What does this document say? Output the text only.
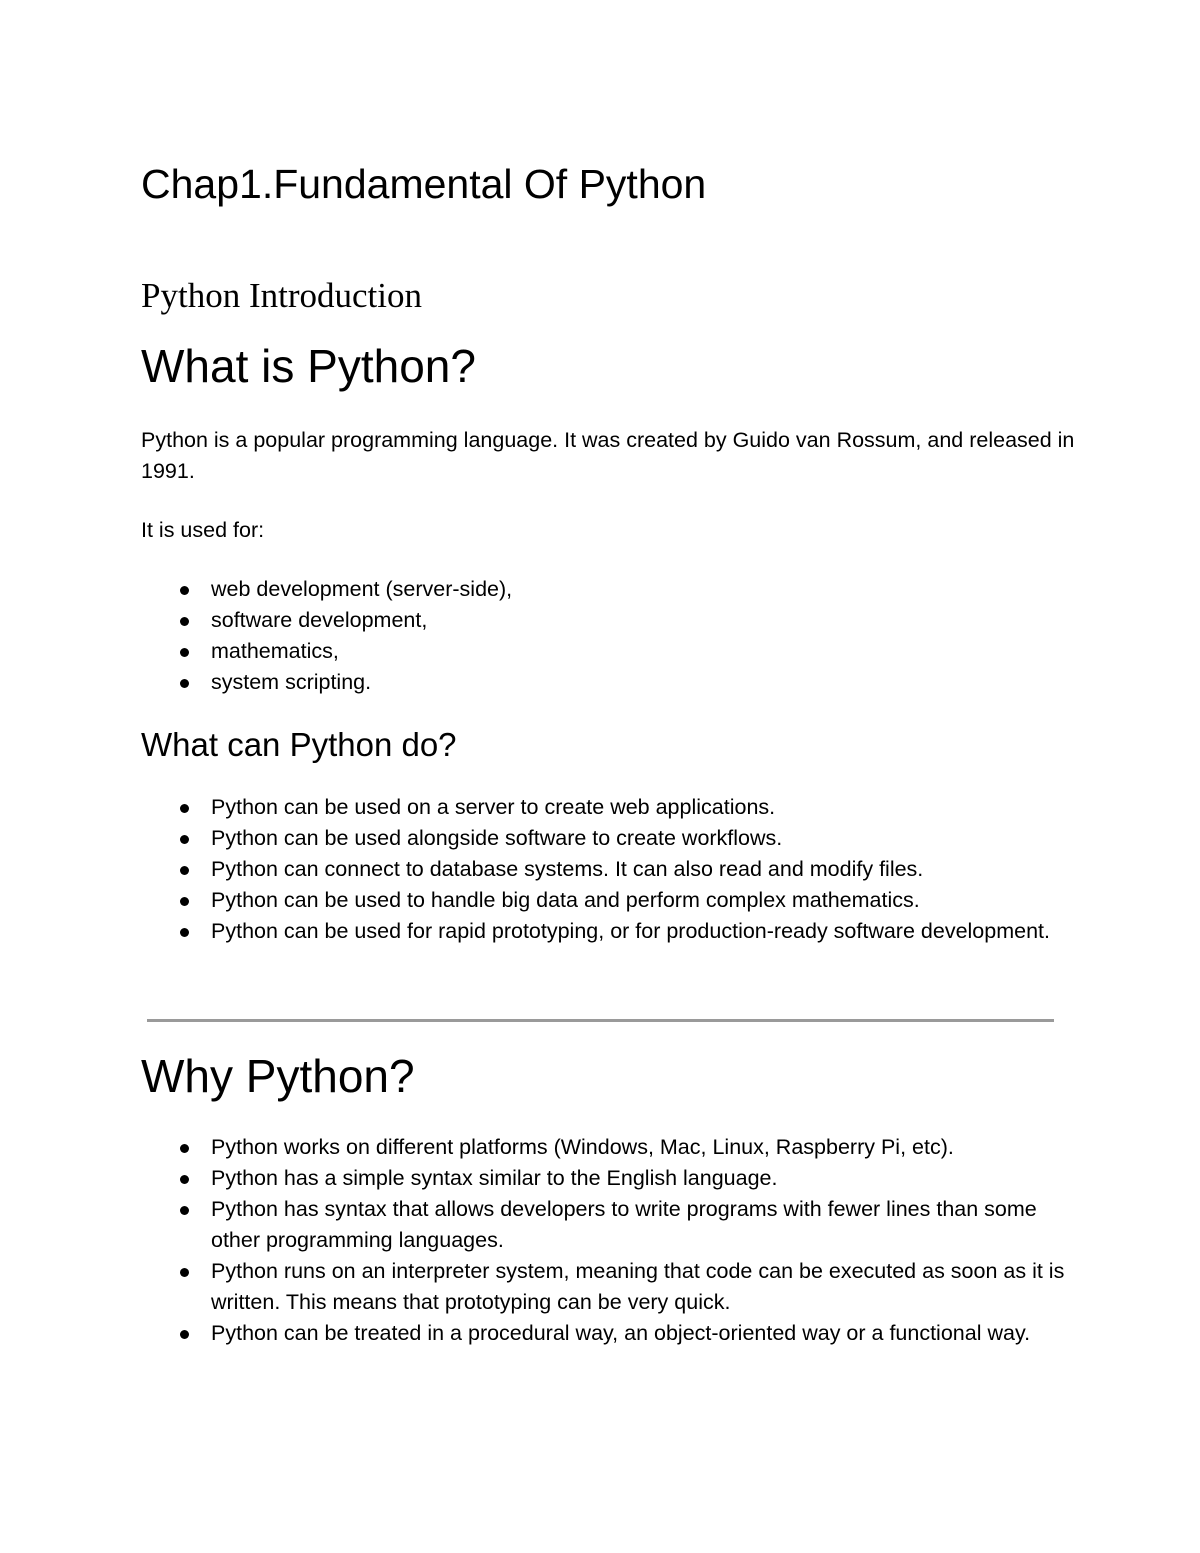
Chap1.Fundamental Of Python
Python Introduction
What is Python?

Python is a popular programming language. It was created by Guido van Rossum, and released in 1991.

It is used for:

web development (server-side),
software development,
mathematics,
system scripting.
What can Python do?
Python can be used on a server to create web applications.
Python can be used alongside software to create workflows.
Python can connect to database systems. It can also read and modify files.
Python can be used to handle big data and perform complex mathematics.
Python can be used for rapid prototyping, or for production-ready software development.
Why Python?
Python works on different platforms (Windows, Mac, Linux, Raspberry Pi, etc).
Python has a simple syntax similar to the English language.
Python has syntax that allows developers to write programs with fewer lines than some other programming languages.
Python runs on an interpreter system, meaning that code can be executed as soon as it is written. This means that prototyping can be very quick.
Python can be treated in a procedural way, an object-oriented way or a functional way.
